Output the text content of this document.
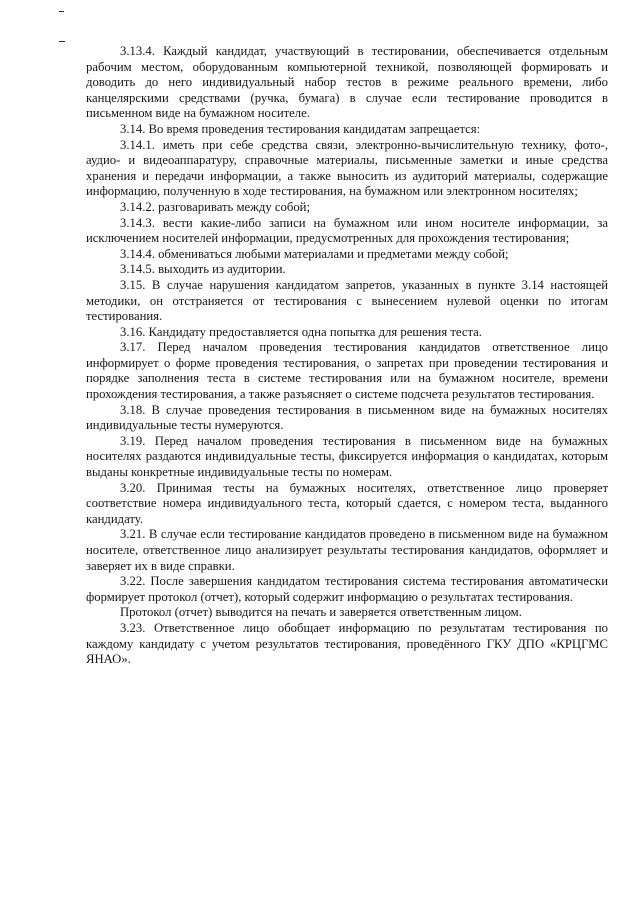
3.13.4. Каждый кандидат, участвующий в тестировании, обеспечивается отдельным рабочим местом, оборудованным компьютерной техникой, позволяющей формировать и доводить до него индивидуальный набор тестов в режиме реального времени, либо канцелярскими средствами (ручка, бумага) в случае если тестирование проводится в письменном виде на бумажном носителе.

3.14. Во время проведения тестирования кандидатам запрещается:

3.14.1. иметь при себе средства связи, электронно-вычислительную технику, фото-, аудио- и видеоаппаратуру, справочные материалы, письменные заметки и иные средства хранения и передачи информации, а также выносить из аудиторий материалы, содержащие информацию, полученную в ходе тестирования, на бумажном или электронном носителях;

3.14.2. разговаривать между собой;

3.14.3. вести какие-либо записи на бумажном или ином носителе информации, за исключением носителей информации, предусмотренных для прохождения тестирования;

3.14.4. обмениваться любыми материалами и предметами между собой;

3.14.5. выходить из аудитории.

3.15. В случае нарушения кандидатом запретов, указанных в пункте 3.14 настоящей методики, он отстраняется от тестирования с вынесением нулевой оценки по итогам тестирования.

3.16. Кандидату предоставляется одна попытка для решения теста.

3.17. Перед началом проведения тестирования кандидатов ответственное лицо информирует о форме проведения тестирования, о запретах при проведении тестирования и порядке заполнения теста в системе тестирования или на бумажном носителе, времени прохождения тестирования, а также разъясняет о системе подсчета результатов тестирования.

3.18. В случае проведения тестирования в письменном виде на бумажных носителях индивидуальные тесты нумеруются.

3.19. Перед началом проведения тестирования в письменном виде на бумажных носителях раздаются индивидуальные тесты, фиксируется информация о кандидатах, которым выданы конкретные индивидуальные тесты по номерам.

3.20. Принимая тесты на бумажных носителях, ответственное лицо проверяет соответствие номера индивидуального теста, который сдается, с номером теста, выданного кандидату.

3.21. В случае если тестирование кандидатов проведено в письменном виде на бумажном носителе, ответственное лицо анализирует результаты тестирования кандидатов, оформляет и заверяет их в виде справки.

3.22. После завершения кандидатом тестирования система тестирования автоматически формирует протокол (отчет), который содержит информацию о результатах тестирования.

Протокол (отчет) выводится на печать и заверяется ответственным лицом.

3.23. Ответственное лицо обобщает информацию по результатам тестирования по каждому кандидату с учетом результатов тестирования, проведённого ГКУ ДПО «КРЦГМС ЯНАО».
